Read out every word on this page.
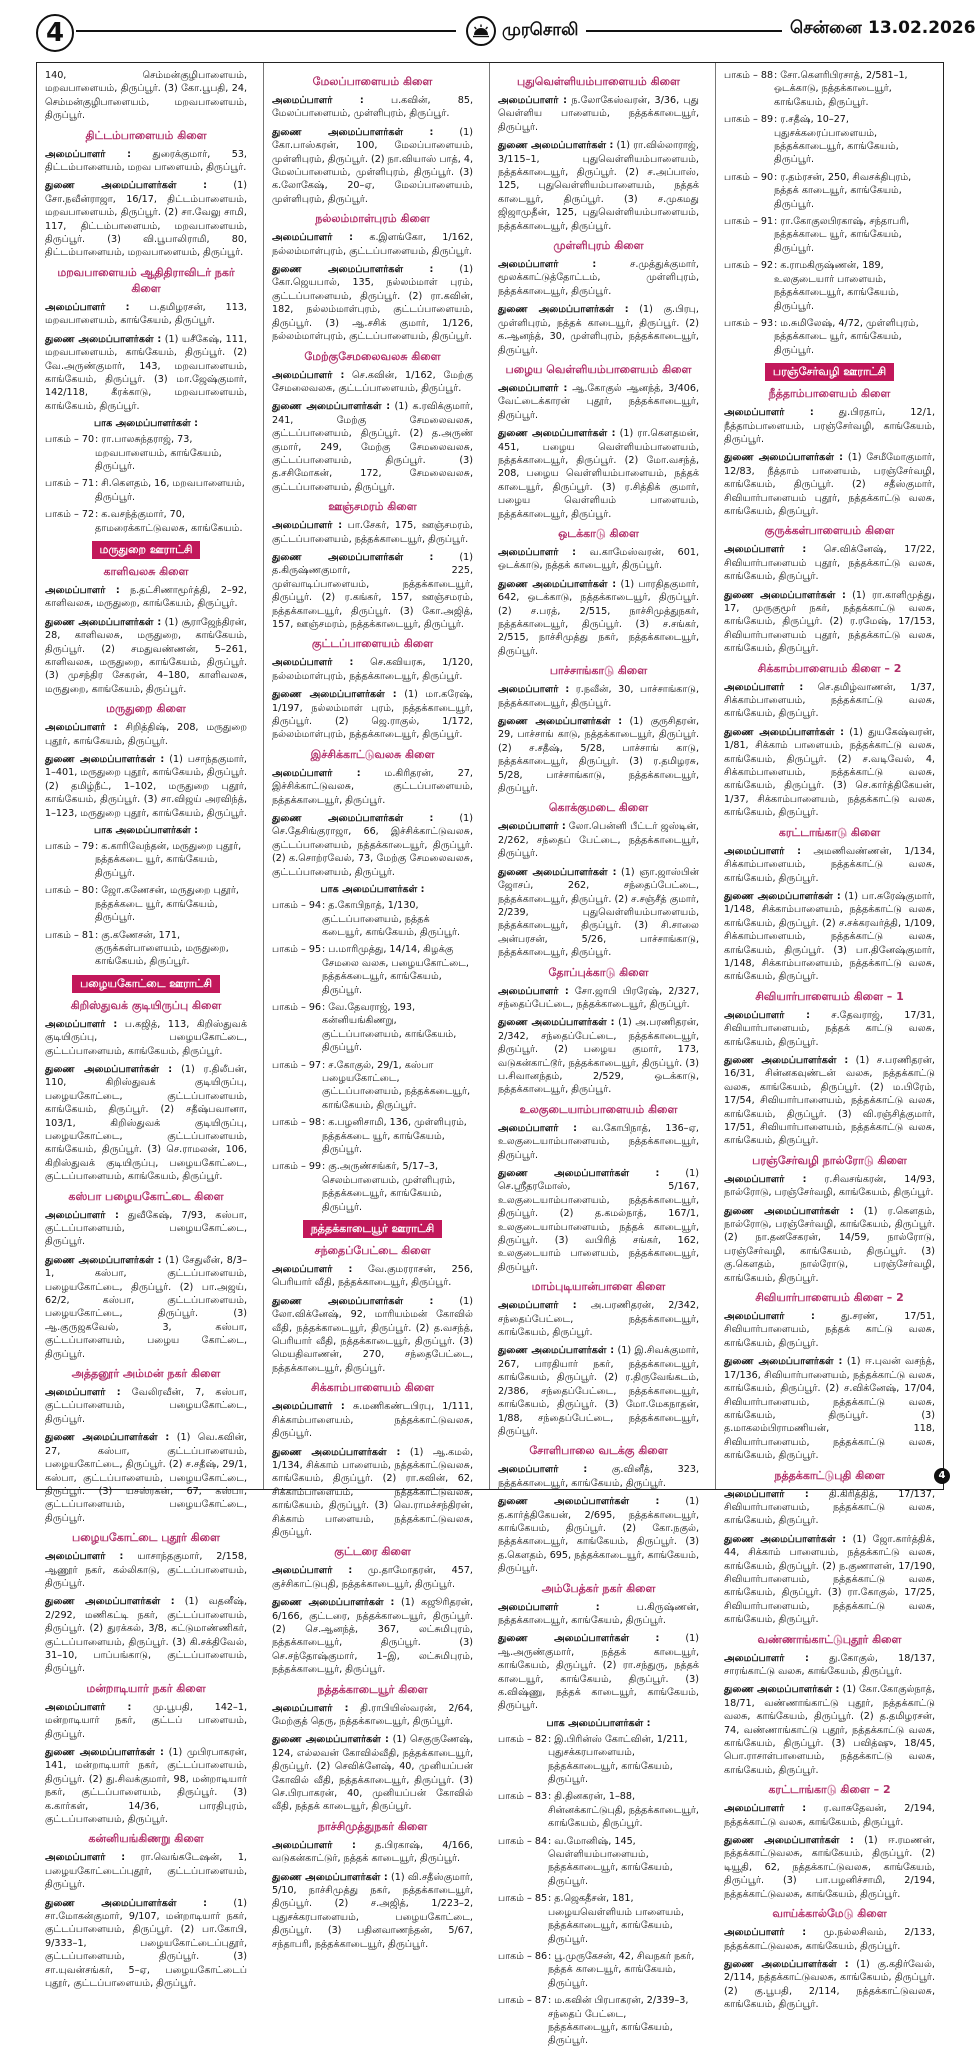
4	முரசொலி	சென்னை 13.02.2026

140, செம்மன்குழிபாளையம், மறவபாளையம், திருப்பூர். (3) கோ.பூபதி, 24, செம்மன்குழிபாளையம், மறவபாளையம், திருப்பூர்.

திட்டம்பாளையம் கிளை

அமைப்பாளர் : துரைக்குமார், 53, திட்டம்பாளையம், மறவ பாளையம், திருப்பூர்.

துணை அமைப்பாளர்கள் : (1) சோ.நவீன்ராஜா, 16/17, திட்டம்பாளையம், மறவபாளையம், திருப்பூர். (2) சா.வேலு சாமி, 117, திட்டம்பாளையம், மறவபாளையம், திருப்பூர். (3) வி.பூபாலிராமி, 80, திட்டம்பாளையம், மறவபாளையம், திருப்பூர்.

மறவபாளையம் ஆதிதிராவிடர் நகர் கிளை

அமைப்பாளர் : ப.தமிழரசன், 113, மறவபாளையம், காங்கேயம், திருப்பூர்.

துணை அமைப்பாளர்கள் : (1) யசீகேஷ், 111, மறவபாளையம், காங்கேயம், திருப்பூர். (2) வே.அருண்குமார், 143, மறவபாளையம், காங்கேயம், திருப்பூர். (3) மா.ஜேஷ்குமார், 142/118, கீரக்காடு, மறவபாளையம், காங்கேயம், திருப்பூர்.

பாக அமைப்பாளர்கள் :
பாகம் – 70 : ரா.பாலசுந்தராஜ், 73, மறவபாளையம், காங்கேயம், திருப்பூர்.
பாகம் – 71 : சி.கௌதம், 16, மறவபாளையம், திருப்பூர்.
பாகம் – 72 : க.வசந்த்குமார், 70, தாமரைக்காட்டுவலசு, காங்கேயம்.
மருதுறை ஊராட்சி
காளிவலசு கிளை

அமைப்பாளர் : ந.தட்சிணாமூர்த்தி, 2–92, காளிவலசு, மருதுறை, காங்கேயம், திருப்பூர்.

துணை அமைப்பாளர்கள் : (1) சூராஜேந்திரன், 28, காளிவலசு, மருதுறை, காங்கேயம், திருப்பூர். (2) சமதுவண்ணன், 5–261, காளிவலசு, மருதுறை, காங்கேயம், திருப்பூர். (3) முசந்திர சேகரன், 4–180, காளிவலசு, மருதுறை, காங்கேயம், திருப்பூர்.

மருதுறை கிளை

அமைப்பாளர் : சிறித்திஷ், 208, மருதுறை புதூர், காங்கேயம், திருப்பூர்.

துணை அமைப்பாளர்கள் : (1) பசாந்தகுமார், 1–401, மருதுறை புதூர், காங்கேயம், திருப்பூர். (2) தமிழ்நீட், 1–102, மருதுறை புதூர், காங்கேயம், திருப்பூர். (3) சா.விஜய் அரவிந்த், 1–123, மருதுறை புதூர், காங்கேயம், திருப்பூர்.

பாக அமைப்பாளர்கள் :
பாகம் – 79 : க.காரிவேந்தன், மருதுறை புதூர், நத்தக்கடை யூர், காங்கேயம், திருப்பூர்.
பாகம் – 80 : ஜோ.கணேசன், மருதுறை புதூர், நத்தக்கடை யூர், காங்கேயம், திருப்பூர்.
பாகம் – 81 : கு.கணேசன், 171, குருக்கள்பாளையம், மருதுறை, காங்கேயம், திருப்பூர்.
பழையகோட்டை ஊராட்சி
கிறிஸ்துவக் குடியிருப்பு கிளை

அமைப்பாளர் : ப.கஜித், 113, கிறிஸ்துவக் குடியிருப்பு, பழையகோட்டை, குட்டப்பாளையம், காங்கேயம், திருப்பூர்.

துணை அமைப்பாளர்கள் : (1) ர.திலீபன், 110, கிறிஸ்துவக் குடியிருப்பு, பழையகோட்டை, குட்டப்பாளையம், காங்கேயம், திருப்பூர். (2) சதீஷ்பவானா, 103/1, கிறிஸ்துவக் குடியிருப்பு, பழையகோட்டை, குட்டப்பாளையம், காங்கேயம், திருப்பூர். (3) செ.ராமலன், 106, கிறிஸ்துவக் குடியிருப்பு, பழையகோட்டை, குட்டப்பாளையம், காங்கேயம், திருப்பூர்.

கஸ்பா பழையகோட்டை கிளை

அமைப்பாளர் : துவீகேஷ், 7/93, கஸ்பா, குட்டப்பாளையம், பழையகோட்டை, திருப்பூர்.

துணை அமைப்பாளர்கள் : (1) சேதுலீன், 8/3–1, கஸ்பா, குட்டப்பாளையம், பழையகோட்டை, திருப்பூர். (2) பா.அஜய், 62/2, கஸ்பா, குட்டப்பாளையம், பழையகோட்டை, திருப்பூர். (3) ஆ.குருஜகவேல், 3, கஸ்பா, குட்டப்பாளையம், பழைய கோட்டை, திருப்பூர்.

அத்தனூர் அம்மன் நகர் கிளை

அமைப்பாளர் : வேலிரவீன், 7, கஸ்பா, குட்டப்பாளையம், பழையகோட்டை, திருப்பூர்.

துணை அமைப்பாளர்கள் : (1) வெ.கவின், 27, கஸ்பா, குட்டப்பாளையம், பழையகோட்டை, திருப்பூர். (2) ச.சதீஷ், 29/1, கஸ்பா, குட்டப்பாளையம், பழையகோட்டை, திருப்பூர். (3) யசஸ்ரகன், 67, கஸ்பா, குட்டப்பாளையம், பழையகோட்டை, திருப்பூர்.

பழையகோட்டை புதூர் கிளை

அமைப்பாளர் : யாசாந்தகுமார், 2/158, ஆணூர் நகர், கல்லிகாடு, குட்டப்பாளையம், திருப்பூர்.

துணை அமைப்பாளர்கள் : (1) வதனீஷ், 2/292, மணிகட்டி நகர், குட்டப்பாளையம், திருப்பூர். (2) துரக்கல், 3/8, கட்டுமாண்ணிகர், குட்டப்பாளையம், திருப்பூர். (3) கி.சக்திவேல், 31–10, பாப்பங்காடு, குட்டப்பாளையம், திருப்பூர்.

மன்றாடியார் நகர் கிளை

அமைப்பாளர் : மு.பூபதி, 142–1, மன்றாடியார் நகர், குட்டப் பாளையம், திருப்பூர்.

துணை அமைப்பாளர்கள் : (1) முபிரபாகரன், 141, மன்றாடியார் நகர், குட்டப்பாளையம், திருப்பூர். (2) து.சிவக்குமார், 98, மன்றாடியார் நகர், குட்டப்பாளையம், திருப்பூர். (3) க.கார்கள், 14/36, பாரதிபுரம், குட்டப்பாளையம், திருப்பூர்.

கன்னியங்கிணறு கிளை

அமைப்பாளர் : ரா.வெங்கடேஷன், 1, பழையகோட்டைப்புதூர், குட்டப்பாளையம், திருப்பூர்.

துணை அமைப்பாளர்கள் : (1) சா.மோகன்குமார், 9/107, மன்றாடியார் நகர், குட்டப்பாளையம், திருப்பூர். (2) பா.கோபி, 9/333–1, பழையகோட்டைப்புதூர், குட்டப்பாளையம், திருப்பூர். (3) சா.யுவன்சங்கர், 5–ஏ, பழையகோட்டைப் புதூர், குட்டப்பாளையம், திருப்பூர்.

மேலப்பாளையம் கிளை

அமைப்பாளர் : ப.கவின், 85, மேலப்பாளையம், முள்ளிபுரம், திருப்பூர்.

துணை அமைப்பாளர்கள் : (1) கோ.பாஸ்கரன், 100, மேலப்பாளையம், முள்ளிபுரம், திருப்பூர். (2) நா.வியாஸ் பாத், 4, மேலப்பாளையம், முள்ளிபுரம், திருப்பூர். (3) க.லோகேஷ், 20–ஏ, மேலப்பாளையம், முள்ளிபுரம், திருப்பூர்.

நல்லம்மாள்புரம் கிளை

அமைப்பாளர் : க.இளங்கோ, 1/162, நல்லம்மாள்புரம், குட்டப்பாளையம், திருப்பூர்.

துணை அமைப்பாளர்கள் : (1) கோ.ஜெயபால், 135, நல்லம்மாள் புரம், குட்டப்பாளையம், திருப்பூர். (2) ரா.கவின், 182, நல்லம்மாள்புரம், குட்டப்பாளையம், திருப்பூர். (3) ஆ.சசிக் குமார், 1/126, நல்லம்மாள்புரம், குட்டப்பாளையம், திருப்பூர்.

மேற்குசேமலைவலசு கிளை

அமைப்பாளர் : செ.கவின், 1/162, மேற்கு சேமலைவலசு, குட்டப்பாளையம், திருப்பூர்.

துணை அமைப்பாளர்கள் : (1) க.ரவிக்குமார், 241, மேற்கு சேமலைவலசு, குட்டப்பாளையம், திருப்பூர். (2) த.அருண் குமார், 249, மேற்கு சேமலைவலசு, குட்டப்பாளையம், திருப்பூர். (3) த.சசிமோகன், 172, சேமலைவலசு, குட்டப்பாளையம், திருப்பூர்.

ஊஞ்சமரம் கிளை

அமைப்பாளர் : பா.சேகர், 175, ஊஞ்சமரம், குட்டப்பாளையம், நத்தக்காடையூர், திருப்பூர்.

துணை அமைப்பாளர்கள் : (1) த.கிருஷ்ணகுமார், 225, முள்வாடிப்பாளையம், நத்தக்காடையூர், திருப்பூர். (2) ர.கங்கர், 157, ஊஞ்சமரம், நத்தக்காடையூர், திருப்பூர். (3) கோ.அஜித், 157, ஊஞ்சமரம், நத்தக்காடையூர், திருப்பூர்.

குட்டப்பாளையம் கிளை

அமைப்பாளர் : செ.கவியரசு, 1/120, நல்லம்மாள்புரம், நத்தக்காடையூர், திருப்பூர்.

துணை அமைப்பாளர்கள் : (1) மா.கரேஷ், 1/197, நல்லம்மாள் புரம், நத்தக்காடையூர், திருப்பூர். (2) ஜெ.ராகுல், 1/172, நல்லம்மாள்புரம், நத்தக்காடையூர், திருப்பூர்.

இச்சிக்காட்டுவலசு கிளை

அமைப்பாளர் : ம.கிரிதரன், 27, இச்சிக்காட்டுவலசு, குட்டப்பாளையம், நத்தக்காடையூர், திருப்பூர்.

துணை அமைப்பாளர்கள் : (1) செ.தேசிங்குராஜா, 66, இச்சிக்காட்டுவலசு, குட்டப்பாளையம், நத்தக்காடையூர், திருப்பூர். (2) க.சொற்ரவேல், 73, மேற்கு சேமலைவலசு, குட்டப்பாளையம், திருப்பூர்.

பாக அமைப்பாளர்கள் :
பாகம் – 94 : த.கோபிநாத், 1/130, குட்டப்பாளையம், நத்தக் கடையூர், காங்கேயம், திருப்பூர்.
பாகம் – 95 : ப.மாரிமுத்து, 14/14, கிழக்கு சேமலை வலசு, பழையகோட்டை, நத்தக்கடையூர், காங்கேயம், திருப்பூர்.
பாகம் – 96 : வே.தேவராஜ், 193, கன்னியங்கிணறு, குட்டப்பாளையம், காங்கேயம், திருப்பூர்.
பாகம் – 97 : ச.கோகுல், 29/1, கஸ்பா பழையகோட்டை, குட்டப்பாளையம், நத்தக்கடையூர், காங்கேயம், திருப்பூர்.
பாகம் – 98 : க.பழனிசாமி, 136, முள்ளிபுரம், நத்தக்கடை யூர், காங்கேயம், திருப்பூர்.
பாகம் – 99 : கு.அருண்சங்கர், 5/17–3, செலம்பாளையம், முள்ளிபுரம், நத்தக்கடையூர், காங்கேயம், திருப்பூர்.
நத்தக்காடையூர் ஊராட்சி
சந்தைப்பேட்டை கிளை

அமைப்பாளர் : வே.குமரராசன், 256, பெரியார் வீதி, நத்தக்காடையூர், திருப்பூர்.

துணை அமைப்பாளர்கள் : (1) லோ.விக்னேஷ், 92, மாரியம்மன் கோவில் வீதி, நத்தக்காடையூர், திருப்பூர். (2) த.வசந்த், பெரியார் வீதி, நத்தக்காடையூர், திருப்பூர். (3) மெயதிவாணன், 270, சந்தைபேட்டை, நத்தக்காடையூர், திருப்பூர்.

சிக்காம்பாளையம் கிளை

அமைப்பாளர் : சு.மணிகண்டபிரபு, 1/111, சிக்காம்பாளையம், நத்தக்காட்டுவலசு, திருப்பூர்.

துணை அமைப்பாளர்கள் : (1) ஆ.கமல், 1/134, சிக்காம் பாளையம், நத்தக்காட்டுவலசு, காங்கேயம், திருப்பூர். (2) ரா.கவின், 62, சிக்காம்பாளையம், நத்தக்காட்டுவலசு, காங்கேயம், திருப்பூர். (3) வெ.ராமச்சந்திரன், சிக்காம் பாளையம், நத்தக்காட்டுவலசு, திருப்பூர்.

குட்டரை கிளை

அமைப்பாளர் : மு.தாமோதரன், 457, குச்சிகாட்டுபுதி, நத்தக்காடையூர், திருப்பூர்.

துணை அமைப்பாளர்கள் : (1) கஜூரிதரன், 6/166, குட்டரை, நத்தக்காடையூர், திருப்பூர். (2) செ.ஆனந்த், 367, லட்சுமிபுரம், நத்தக்காடையூர், திருப்பூர். (3) செ.சந்தோஷ்குமார், 1–இ, லட்சுமிபுரம், நத்தக்காடையூர், திருப்பூர்.

நத்தக்காடையூர் கிளை

அமைப்பாளர் : தி.ராபியிஸ்வரன், 2/64, மேற்குத் தெரு, நத்தக்காடையூர், திருப்பூர்.

துணை அமைப்பாளர்கள் : (1) செகுருணேஷ், 124, எல்லவன் கோவில்வீதி, நத்தக்காடையூர், திருப்பூர். (2) செவிக்னேஷ், 40, முனியப்பன் கோவில் வீதி, நத்தக்காடையூர், திருப்பூர். (3) செ.பிரபாகரன், 40, முனியப்பன் கோவில் வீதி, நத்தக் காடையூர், திருப்பூர்.

நாச்சிமுத்துநகர் கிளை

அமைப்பாளர் : த.பிரகாஷ், 4/166, வடுகன்காட்டுர், நத்தக் காடையூர், திருப்பூர்.

துணை அமைப்பாளர்கள் : (1) வி.சதீஸ்குமார், 5/10, நாச்சிமுத்து நகர், நத்தக்காடையூர், திருப்பூர். (2) ச.அஜித், 1/223–2, புதுசக்கரபாளையம், பழையகோட்டை, திருப்பூர். (3) பதினவாணந்தன், 5/67, சந்தாபரி, நத்தக்காடையூர், திருப்பூர்.

புதுவெள்ளியம்பாளையம் கிளை

அமைப்பாளர் : ந.லோகேஸ்வரன், 3/36, புது வெள்ளிய பாளையம், நத்தக்காடையூர், திருப்பூர்.

துணை அமைப்பாளர்கள் : (1) ரா.வில்லாராஜ், 3/115–1, புதுவெள்ளியம்பாளையம், நத்தக்காடையூர், திருப்பூர். (2) ச.அப்பாஸ், 125, புதுவெள்ளியம்பாளையம், நத்தக் காடையூர், திருப்பூர். (3) ச.முகமது ஜிஜாமுதீன், 125, புதுவெள்ளியம்பாளையம், நத்தக்காடையூர், திருப்பூர்.

முள்ளிபுரம் கிளை

அமைப்பாளர் : ச.முத்துக்குமார், மூலக்காட்டுத்தோட்டம், முள்ளிபுரம், நத்தக்காடையூர், திருப்பூர்.

துணை அமைப்பாளர்கள் : (1) கு.பிரபு, முள்ளிபுரம், நத்தக் காடையூர், திருப்பூர். (2) க.ஆனந்த், 30, முள்ளிபுரம், நத்தக்காடையூர், திருப்பூர்.

பழைய வெள்ளியம்பாளையம் கிளை

அமைப்பாளர் : ஆ.கோகுல் ஆனந்த், 3/406, வேட்டைக்காரன் புதூர், நத்தக்காடையூர், திருப்பூர்.

துணை அமைப்பாளர்கள் : (1) ரா.கௌதமன், 451, பழைய வெள்ளியம்பாளையம், நத்தக்காடையூர், திருப்பூர். (2) மோ.வசந்த், 208, பழைய வெள்ளியம்பாளையம், நத்தக் காடையூர், திருப்பூர். (3) ர.சித்திக் குமார், பழைய வெள்ளியம் பாளையம், நத்தக்காடையூர், திருப்பூர்.

ஒடக்காடு கிளை

அமைப்பாளர் : வ.காமேஸ்வரன், 601, ஒடக்காடு, நத்தக் காடையூர், திருப்பூர்.

துணை அமைப்பாளர்கள் : (1) பாரதிதகுமார், 642, ஒடக்காடு, நத்தக்காடையூர், திருப்பூர். (2) ச.பரத், 2/515, நாச்சிமுத்துநகர், நத்தக்காடையூர், திருப்பூர். (3) ச.சங்கர், 2/515, நாச்சிமுத்து நகர், நத்தக்காடையூர், திருப்பூர்.

பாச்சாங்காடு கிளை

அமைப்பாளர் : ர.நவீன், 30, பாச்சாங்காடு, நத்தக்காடையூர், திருப்பூர்.

துணை அமைப்பாளர்கள் : (1) குருசிதரன், 29, பாச்சாங் காடு, நத்தக்காடையூர், திருப்பூர். (2) ச.சதீஷ், 5/28, பாச்சாங் காடு, நத்தக்காடையூர், திருப்பூர். (3) ர.தமிழரசு, 5/28, பாச்சாங்காடு, நத்தக்காடையூர், திருப்பூர்.

கொக்குமடை கிளை

அமைப்பாளர் : லோ.பென்னி பீட்டர் ஜஸ்டின், 2/262, சந்தைப் பேட்டை, நத்தக்காடையூர், திருப்பூர்.

துணை அமைப்பாளர்கள் : (1) ஞா.ஜாஸ்பின் ஜோசப், 262, சந்தைப்பேட்டை, நத்தக்காடையூர், திருப்பூர். (2) ச.சஞ்சீத் குமார், 2/239, புதுவெள்ளியம்பாளையம், நத்தக்காடையூர், திருப்பூர். (3) சி.சாலை அன்பரசன், 5/26, பாச்சாங்காடு, நத்தக்காடையூர், திருப்பூர்.

தோப்புக்காடு கிளை

அமைப்பாளர் : சோ.ஜாபி பிரரேஷ், 2/327, சந்தைப்பேட்டை, நத்தக்காடையூர், திருப்பூர்.

துணை அமைப்பாளர்கள் : (1) அ.பரணிதரன், 2/342, சந்தைப்பேட்டை, நத்தக்காடையூர், திருப்பூர். (2) பழைய குமார், 173, வடுகன்காட்டூர், நத்தக்காடையூர், திருப்பூர். (3) ப.சிவானந்தம், 2/529, ஒடக்காடு, நத்தக்காடையூர், திருப்பூர்.

உலகுடையாம்பாளையம் கிளை

அமைப்பாளர் : வ.கோபிநாத், 136–ஏ, உலகுடையாம்பாளையம், நத்தக்காடையூர், திருப்பூர்.

துணை அமைப்பாளர்கள் : (1) செ.ஸ்ரீதரமோஸ், 5/167, உலகுடையாம்பாளையம், நத்தக்காடையூர், திருப்பூர். (2) த.கமல்நாத், 167/1, உலகுடையாம்பாளையம், நத்தக் காடையூர், திருப்பூர். (3) வபிரித் சங்கர், 162, உலகுடையாம் பாளையம், நத்தக்காடையூர், திருப்பூர்.

மாம்புடியான்பாளை கிளை

அமைப்பாளர் : அ.பரணிதரன், 2/342, சந்தைப்பேட்டை, நத்தக்காடையூர், காங்கேயம், திருப்பூர்.

துணை அமைப்பாளர்கள் : (1) இ.சிவக்குமார், 267, பாரதியார் நகர், நத்தக்காடையூர், காங்கேயம், திருப்பூர். (2) ர.திருவேங்கடம், 2/386, சந்தைப்பேட்டை, நத்தக்காடையூர், காங்கேயம், திருப்பூர். (3) மோ.மேகநாதன், 1/88, சந்தைப்பேட்டை, நத்தக்காடையூர், திருப்பூர்.

சோளிபாலை வடக்கு கிளை

அமைப்பாளர் : கு.வினீத், 323, நத்தக்காடையூர், காங்கேயம், திருப்பூர்.

துணை அமைப்பாளர்கள் : (1) த.கார்த்திகேயன், 2/695, நத்தக்காடையூர், காங்கேயம், திருப்பூர். (2) கோ.நகுல், நத்தக்காடையூர், காங்கேயம், திருப்பூர். (3) த.கௌதம், 695, நத்தக்காடையூர், காங்கேயம், திருப்பூர்.

அம்பேத்கர் நகர் கிளை

அமைப்பாளர் : ப.கிருஷ்ணன், நத்தக்காடையூர், காங்கேயம், திருப்பூர்.

துணை அமைப்பாளர்கள் : (1) ஆ.அருண்குமார், நத்தக் காடையூர், காங்கேயம், திருப்பூர். (2) ரா.சந்துரு, நத்தக் காடையூர், காங்கேயம், திருப்பூர். (3) க.விஷ்ணு, நத்தக் காடையூர், காங்கேயம், திருப்பூர்.

பாக அமைப்பாளர்கள் :
பாகம் – 82 : இ.பிரின்ஸ் கோட்வின், 1/211, புதுசக்கரபாளையம், நத்தக்காடையூர், காங்கேயம், திருப்பூர்.
பாகம் – 83 : தி.தினகரன், 1–88, சின்னக்காட்டுபுதி, நத்தக்காடையூர், காங்கேயம், திருப்பூர்.
பாகம் – 84 : வ.மோனிஷ், 145, வெள்ளியம்பாளையம், நத்தக்காடையூர், காங்கேயம், திருப்பூர்.
பாகம் – 85 : த.ஜெகதீசன், 181, பழையவெள்ளியம் பாளையம், நத்தக்காடையூர், காங்கேயம், திருப்பூர்.
பாகம் – 86 : பூ.முருகேசன், 42, சிவநகர் நகர், நத்தக் காடையூர், காங்கேயம், திருப்பூர்.
பாகம் – 87 : ம.கவின் பிரபாகரன், 2/339–3, சந்தைப் பேட்டை, நத்தக்காடையூர், காங்கேயம், திருப்பூர்.
பாகம் – 88 : சோ.கௌரிபிரசாத், 2/581–1, ஒடக்காடு, நத்தக்காடையூர், காங்கேயம், திருப்பூர்.
பாகம் – 89 : ர.சதீஷ், 10–27, புதுசக்கரைப்பாளையம், நத்தக்காடையூர், காங்கேயம், திருப்பூர்.
பாகம் – 90 : ர.தம்ரசன், 250, சிவசக்திபுரம், நத்தக் காடையூர், காங்கேயம், திருப்பூர்.
பாகம் – 91 : ரா.கோகுலபிரகாஷ், சந்தாபரி, நத்தக்காடை யூர், காங்கேயம், திருப்பூர்.
பாகம் – 92 : க.ராமகிருஷ்ணன், 189, உலகுடையார் பாளையம், நத்தக்காடையூர், காங்கேயம், திருப்பூர்.
பாகம் – 93 : ம.சுமிலேஷ், 4/72, முள்ளிபுரம், நத்தக்காடை யூர், காங்கேயம், திருப்பூர்.
பரஞ்சேர்வழி ஊராட்சி
நீத்தாம்பாளையம் கிளை

அமைப்பாளர் : து.பிரதாப், 12/1, நீத்தாம்பாளையம், பரஞ்சேர்வழி, காங்கேயம், திருப்பூர்.

துணை அமைப்பாளர்கள் : (1) சேமீமோகுமார், 12/83, நீத்தாம் பாளையம், பரஞ்சேர்வழி, காங்கேயம், திருப்பூர். (2) சதீஸ்குமார், சிவியார்பாளையம் புதூர், நத்தக்காட்டு வலசு, காங்கேயம், திருப்பூர்.

குருக்கள்பாளையம் கிளை

அமைப்பாளர் : செ.விக்னேஷ், 17/22, சிவியார்பாளையம் புதூர், நத்தக்காட்டு வலசு, காங்கேயம், திருப்பூர்.

துணை அமைப்பாளர்கள் : (1) ரா.காளிமுத்து, 17, முருகுமூர் நகர், நத்தக்காட்டு வலசு, காங்கேயம், திருப்பூர். (2) ர.ரமேஷ், 17/153, சிவியார்பாளையம் புதூர், நத்தக்காட்டு வலசு, காங்கேயம், திருப்பூர்.

சிக்காம்பாளையம் கிளை – 2

அமைப்பாளர் : செ.தமிழ்வாணன், 1/37, சிக்காம்பாளையம், நத்தக்காட்டு வலசு, காங்கேயம், திருப்பூர்.

துணை அமைப்பாளர்கள் : (1) துயகேஷ்வரன், 1/81, சிக்காம் பாளையம், நத்தக்காட்டு வலசு, காங்கேயம், திருப்பூர். (2) ச.வடிவேல், 4, சிக்காம்பாளையம், நத்தக்காட்டு வலசு, காங்கேயம், திருப்பூர். (3) செ.கார்த்திகேயன், 1/37, சிக்காம்பாளையம், நத்தக்காட்டு வலசு, காங்கேயம், திருப்பூர்.

கரட்டாங்காடு கிளை

அமைப்பாளர் : அமணிவண்ணன், 1/134, சிக்காம்பாளையம், நத்தக்காட்டு வலசு, காங்கேயம், திருப்பூர்.

துணை அமைப்பாளர்கள் : (1) பா.சுரேஷ்குமார், 1/148, சிக்காம்பாளையம், நத்தக்காட்டு வலசு, காங்கேயம், திருப்பூர். (2) ச.சக்கரவர்த்தி, 1/109, சிக்காம்பாளையம், நத்தக்காட்டு வலசு, காங்கேயம், திருப்பூர். (3) பா.தினேஷ்குமார், 1/148, சிக்காம்பாளையம், நத்தக்காட்டு வலசு, காங்கேயம், திருப்பூர்.

சிவியார்பாளையம் கிளை – 1

அமைப்பாளர் : ச.தேவராஜ், 17/31, சிவியார்பாளையம், நத்தக் காட்டு வலசு, காங்கேயம், திருப்பூர்.

துணை அமைப்பாளர்கள் : (1) ச.பரணிதரன், 16/31, சின்னகவுண்டன் வலசு, நத்தக்காட்டு வலசு, காங்கேயம், திருப்பூர். (2) ம.பிரேம், 17/54, சிவியார்பாளையம், நத்தக்காட்டு வலசு, காங்கேயம், திருப்பூர். (3) வி.ரஞ்சித்குமார், 17/51, சிவியார்பாளையம், நத்தக்காட்டு வலசு, காங்கேயம், திருப்பூர்.

பரஞ்சேர்வழி நால்ரோடு கிளை

அமைப்பாளர் : ர.சிவசங்கரன், 14/93, நால்ரோடு, பரஞ்சேர்வழி, காங்கேயம், திருப்பூர்.

துணை அமைப்பாளர்கள் : (1) ர.கௌதம், நால்ரோடு, பரஞ்சேர்வழி, காங்கேயம், திருப்பூர். (2) நா.தனசேகரன், 14/59, நால்ரோடு, பரஞ்சேர்வழி, காங்கேயம், திருப்பூர். (3) கு.கௌதம், நால்ரோடு, பரஞ்சேர்வழி, காங்கேயம், திருப்பூர்.

சிவியார்பாளையம் கிளை – 2

அமைப்பாளர் : து.சரண், 17/51, சிவியார்பாளையம், நத்தக் காட்டு வலசு, காங்கேயம், திருப்பூர்.

துணை அமைப்பாளர்கள் : (1) ஈ.புவன் வசந்த், 17/136, சிவியார்பாளையம், நத்தக்காட்டு வலசு, காங்கேயம், திருப்பூர். (2) ச.விக்னேஷ், 17/04, சிவியார்பாளையம், நத்தக்காட்டு வலசு, காங்கேயம், திருப்பூர். (3) த.மாகலம்பிராமணியன், 118, சிவியார்பாளையம், நத்தக்காட்டு வலசு, காங்கேயம், திருப்பூர்.

நத்தக்காட்டுபுதி கிளை

அமைப்பாளர் : தி.கிரித்தித், 17/137, சிவியார்பாளையம், நத்தக்காட்டு வலசு, காங்கேயம், திருப்பூர்.

துணை அமைப்பாளர்கள் : (1) ஜோ.கார்த்திக், 44, சிக்காம் பாளையம், நத்தக்காட்டு வலசு, காங்கேயம், திருப்பூர். (2) ந.குணாளன், 17/190, சிவியார்பாளையம், நத்தக்காட்டு வலசு, காங்கேயம், திருப்பூர். (3) ரா.கோகுல், 17/25, சிவியார்பாளையம், நத்தக்காட்டு வலசு, காங்கேயம், திருப்பூர்.

வண்ணாங்காட்டுபுதூர் கிளை

அமைப்பாளர் : து.கோகுல், 18/137, சாரங்காட்டு வலசு, காங்கேயம், திருப்பூர்.

துணை அமைப்பாளர்கள் : (1) கோ.கோகுல்நாத், 18/71, வண்ணாங்காட்டு புதூர், நத்தக்காட்டு வலசு, காங்கேயம், திருப்பூர். (2) த.தமிழரசன், 74, வண்ணாங்காட்டு புதூர், நத்தக்காட்டு வலசு, காங்கேயம், திருப்பூர். (3) பவித்ஷு, 18/45, பொ.ராசாள்பாளையம், நத்தக்காட்டு வலசு, காங்கேயம், திருப்பூர்.

கரட்டாங்காடு கிளை – 2

அமைப்பாளர் : ர.வாசுதேவன், 2/194, நத்தக்காட்டு வலசு, காங்கேயம், திருப்பூர்.

துணை அமைப்பாளர்கள் : (1) ஈ.ரமணன், நத்தக்காட்டுவலசு, காங்கேயம், திருப்பூர். (2) டியூதி, 62, நத்தக்காட்டுவலசு, காங்கேயம், திருப்பூர். (3) பா.பழனிச்சாமி, 2/194, நத்தக்காட்டுவலசு, காங்கேயம், திருப்பூர்.

வாய்க்கால்மேடு கிளை

அமைப்பாளர் : மு.நல்லசிவம், 2/133, நத்தக்காட்டுவலசு, காங்கேயம், திருப்பூர்.

துணை அமைப்பாளர்கள் : (1) கு.கதிர்வேல், 2/114, நத்தக்காட்டுவலசு, காங்கேயம், திருப்பூர். (2) கு.பூபதி, 2/114, நத்தக்காட்டுவலசு, காங்கேயம், திருப்பூர்.

4
